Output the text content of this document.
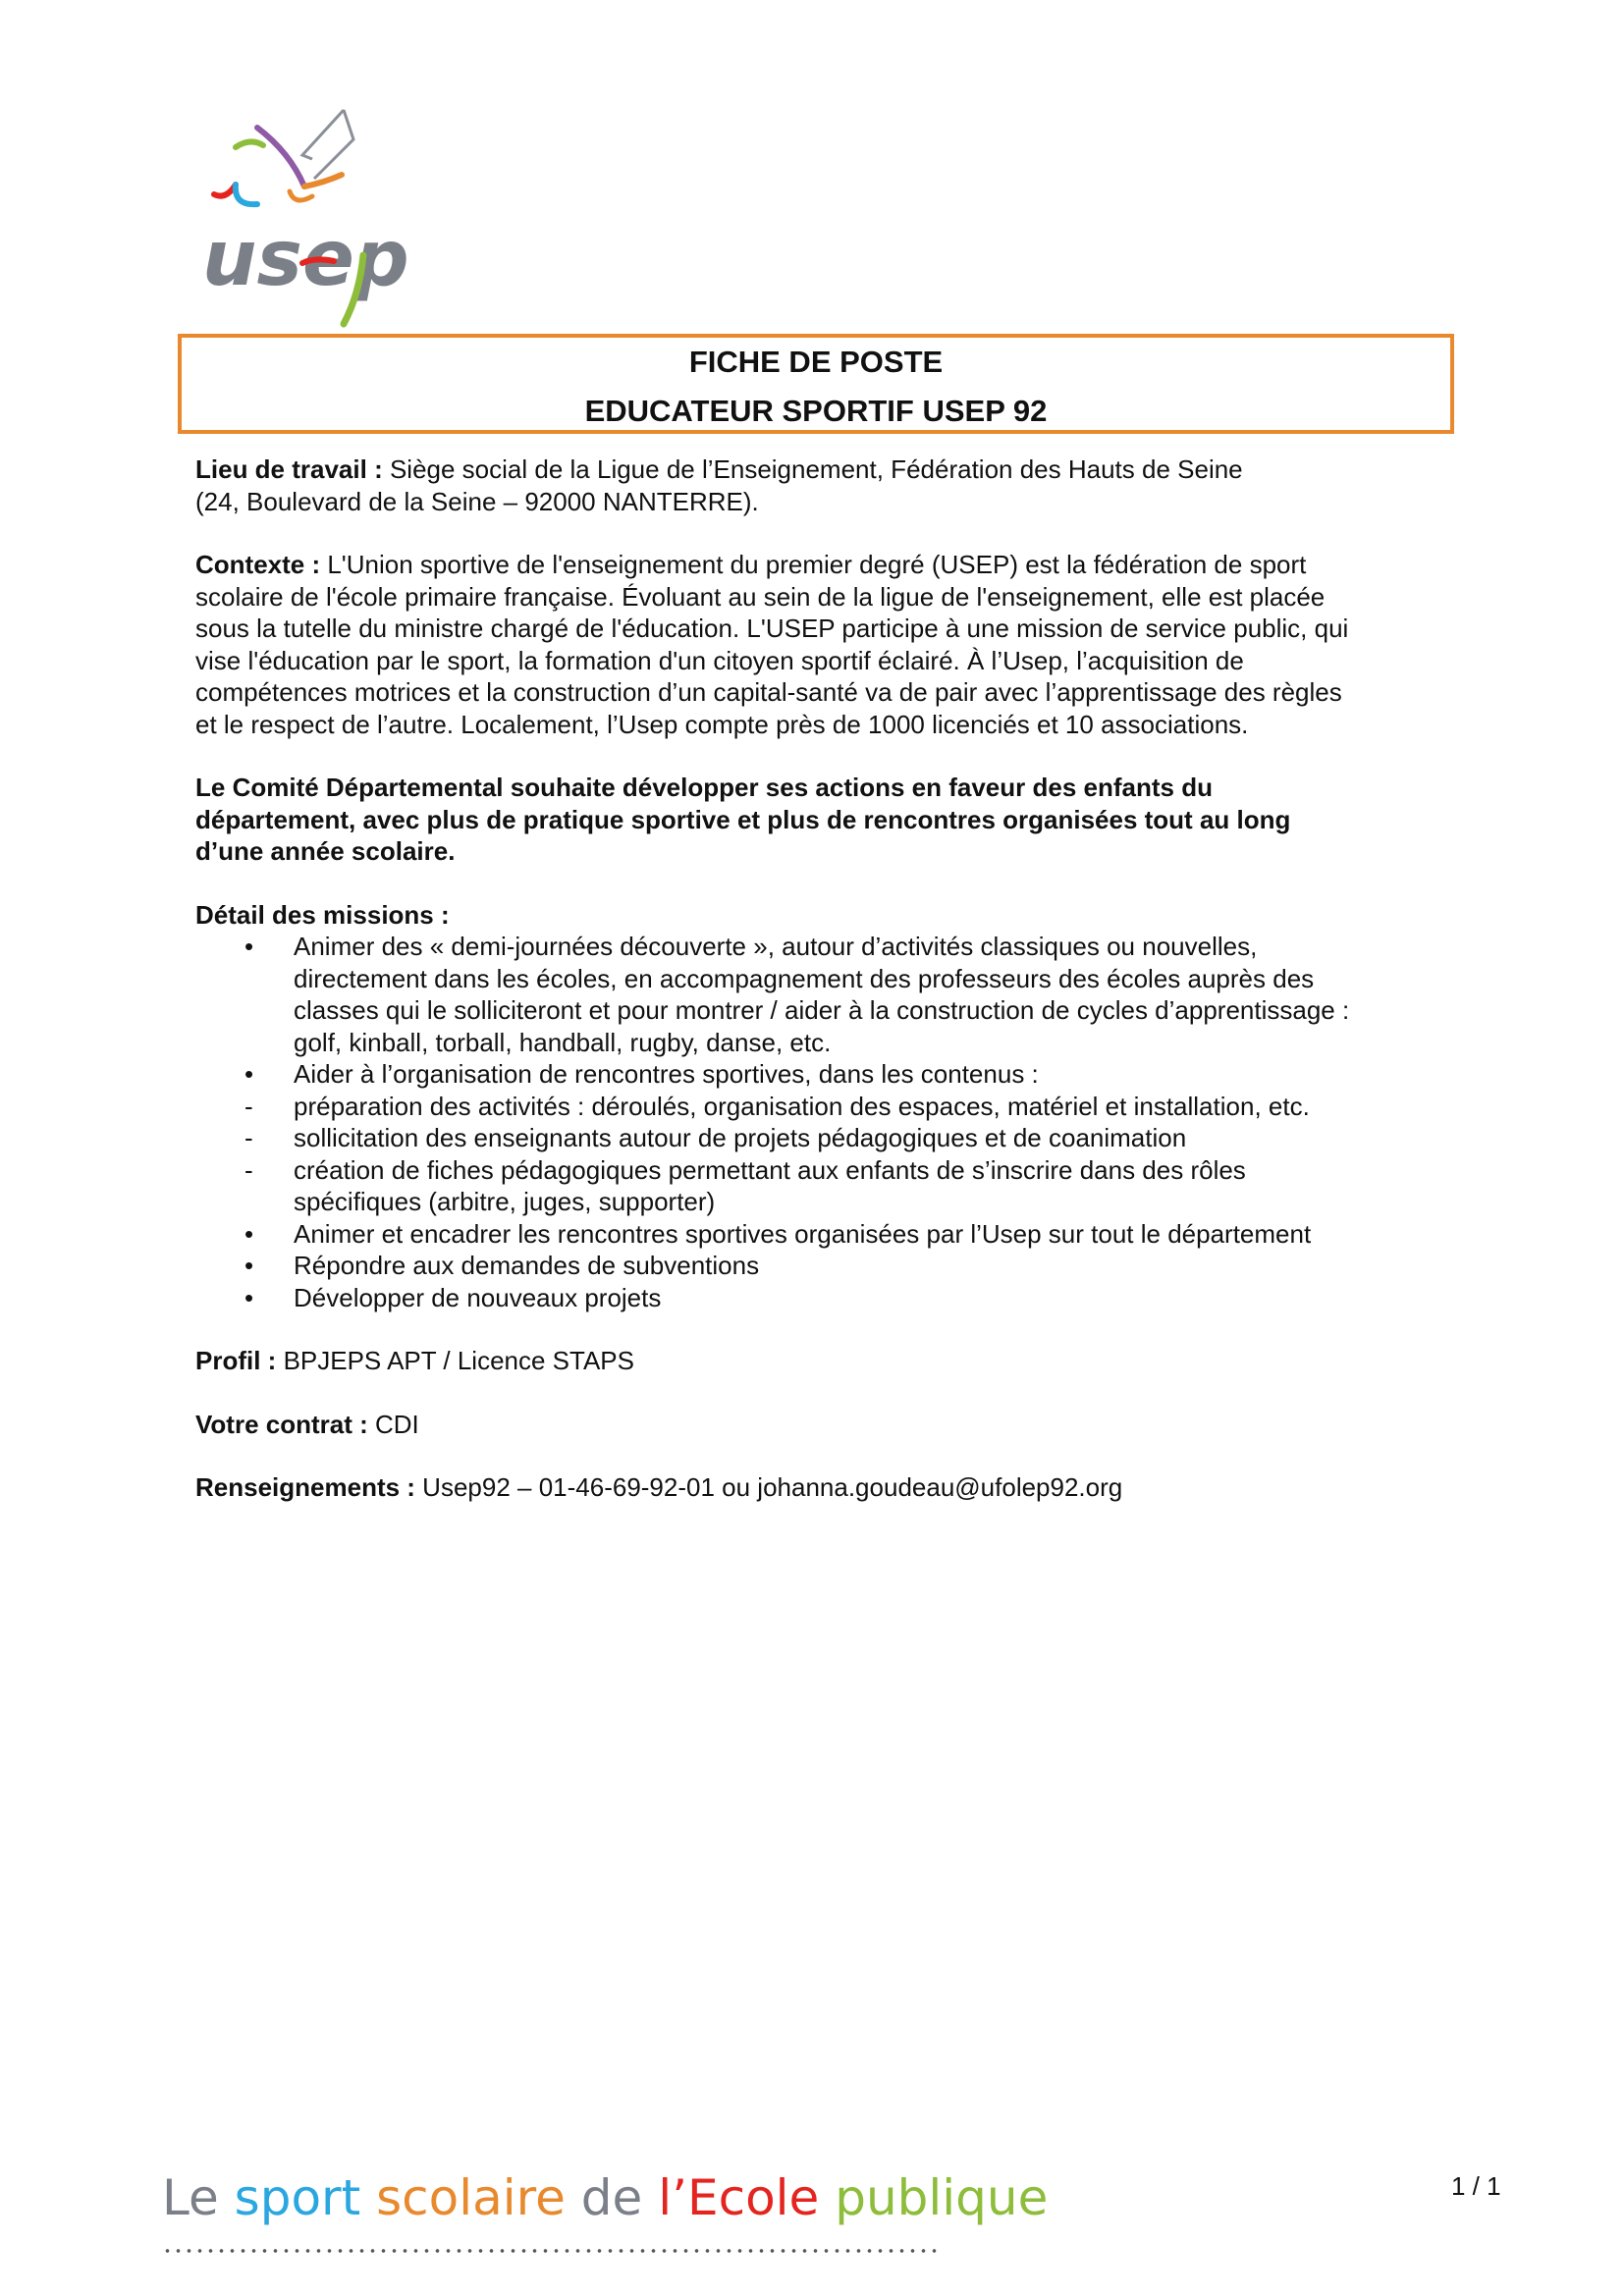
usep
FICHE DE POSTE
EDUCATEUR SPORTIF USEP 92

Lieu de travail : Siège social de la Ligue de l’Enseignement, Fédération des Hauts de Seine

(24, Boulevard de la Seine – 92000 NANTERRE).

Contexte : L'Union sportive de l'enseignement du premier degré (USEP) est la fédération de sport

scolaire de l'école primaire française. Évoluant au sein de la ligue de l'enseignement, elle est placée

sous la tutelle du ministre chargé de l'éducation. L'USEP participe à une mission de service public, qui

vise l'éducation par le sport, la formation d'un citoyen sportif éclairé. À l’Usep, l’acquisition de

compétences motrices et la construction d’un capital-santé va de pair avec l’apprentissage des règles

et le respect de l’autre. Localement, l’Usep compte près de 1000 licenciés et 10 associations.

Le Comité Départemental souhaite développer ses actions en faveur des enfants du

département, avec plus de pratique sportive et plus de rencontres organisées tout au long

d’une année scolaire.

Détail des missions :

•	Animer des « demi-journées découverte », autour d’activités classiques ou nouvelles,
directement dans les écoles, en accompagnement des professeurs des écoles auprès des
classes qui le solliciteront et pour montrer / aider à la construction de cycles d’apprentissage :
golf, kinball, torball, handball, rugby, danse, etc.
•	Aider à l’organisation de rencontres sportives, dans les contenus :
-	préparation des activités : déroulés, organisation des espaces, matériel et installation, etc.
-	sollicitation des enseignants autour de projets pédagogiques et de coanimation
-	création de fiches pédagogiques permettant aux enfants de s’inscrire dans des rôles
spécifiques (arbitre, juges, supporter)
•	Animer et encadrer les rencontres sportives organisées par l’Usep sur tout le département
•	Répondre aux demandes de subventions
•	Développer de nouveaux projets

Profil : BPJEPS APT / Licence STAPS

Votre contrat : CDI

Renseignements : Usep92 – 01-46-69-92-01 ou johanna.goudeau@ufolep92.org

Le sport scolaire de l’Ecole publique	1 / 1
